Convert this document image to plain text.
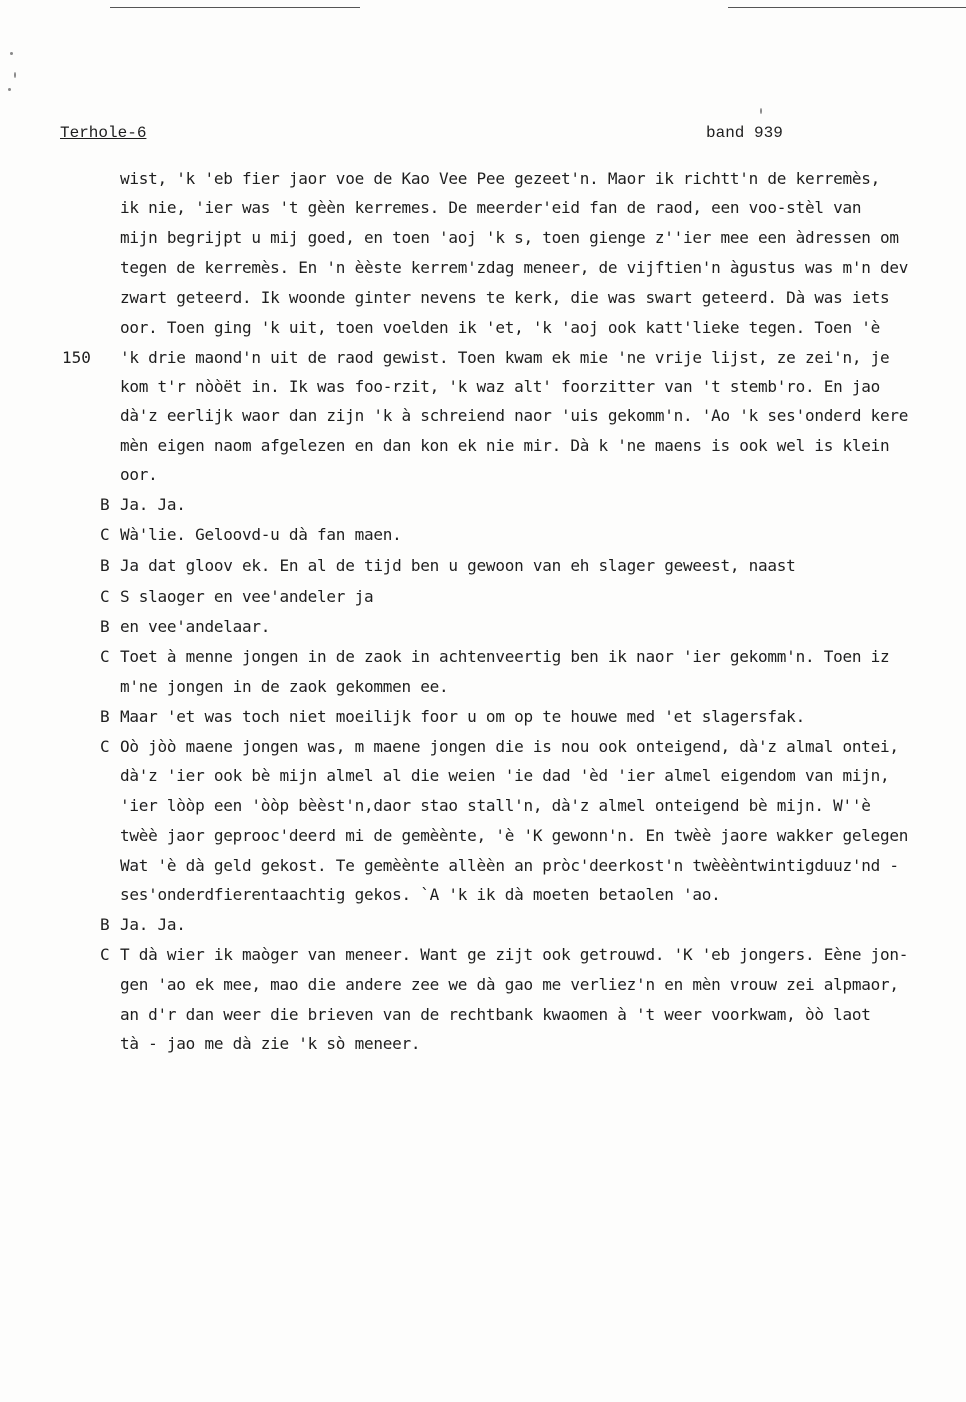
Terhole-6	band 939
150
wist, 'k 'eb fier jaor voe de Kao Vee Pee gezeet'n. Maor ik richtt'n de kerremès,
ik nie, 'ier was 't gèèn kerremes. De meerder'eid fan de raod, een voo-stèl van
mijn begrijpt u mij goed, en toen 'aoj 'k s, toen gienge z''ier mee een àdressen om
tegen de kerremès. En 'n èèste kerrem'zdag meneer, de vijftien'n àgustus was m'n dev
zwart geteerd. Ik woonde ginter nevens te kerk, die was swart geteerd. Dà was iets
oor. Toen ging 'k uit, toen voelden ik 'et, 'k 'aoj ook katt'lieke tegen. Toen 'è
'k drie maond'n uit de raod gewist. Toen kwam ek mie 'ne vrije lijst, ze zei'n, je
kom t'r nòòët in. Ik was foo-rzit, 'k waz alt' foorzitter van 't stemb'ro. En jao
dà'z eerlijk waor dan zijn 'k à schreiend naor 'uis gekomm'n. 'Ao 'k ses'onderd kere
mèn eigen naom afgelezen en dan kon ek nie mir. Dà k 'ne maens is ook wel is klein
oor.
B Ja. Ja.
C Wà'lie. Geloovd-u dà fan maen.
B Ja dat gloov ek. En al de tijd ben u gewoon van eh slager geweest, naast
C S slaoger en vee'andeler ja
B en vee'andelaar.
C Toet à menne jongen in de zaok in achtenveertig ben ik naor 'ier gekomm'n. Toen iz
m'ne jongen in de zaok gekommen ee.
B Maar 'et was toch niet moeilijk foor u om op te houwe med 'et slagersfak.
C Oò jòò maene jongen was, m maene jongen die is nou ook onteigend, dà'z almal ontei,
dà'z 'ier ook bè mijn almel al die weien 'ie dad 'èd 'ier almel eigendom van mijn,
'ier lòòp een 'òòp bèèst'n,daor stao stall'n, dà'z almel onteigend bè mijn. W''è
twèè jaor geprooc'deerd mi de gemèènte, 'è 'K gewonn'n. En twèè jaore wakker gelegen
Wat 'è dà geld gekost. Te gemèènte allèèn an pròc'deerkost'n twèèèntwintigduuz'nd -
ses'onderdfierentaachtig gekos. `A 'k ik dà moeten betaolen 'ao.
B Ja. Ja.
C T dà wier ik maòger van meneer. Want ge zijt ook getrouwd. 'K 'eb jongers. Eène jon-
gen 'ao ek mee, mao die andere zee we dà gao me verliez'n en mèn vrouw zei alpmaor,
an d'r dan weer die brieven van de rechtbank kwaomen à 't weer voorkwam, òò laot
tà - jao me dà zie 'k sò meneer.
